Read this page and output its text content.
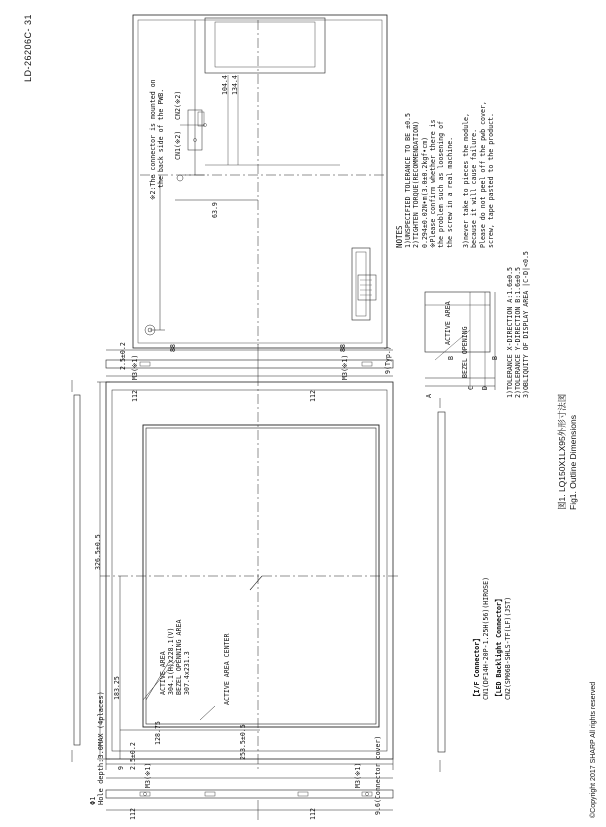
LD-26206C- 31
Φ1 Hole depth:3.0MAX (4places)
326.5±0.5
183.25
128.75	253.5±0.5
2.5±0.2
9
112	112
M3(※1)	M3(※1) 9.6(Connector cover)
ACTIVE AREA 304.1(H)x228.1(V) BEZEL OPENNING AREA 307.4x231.3	ACTIVE AREA CENTER
M3(※1)	M3(※1)
88	88
112	112
2.5±0.2	9(Typ.)
※2:The connector is mounted on the back side of the PWB. CN1(※2)
CN2(※2)
104.4 134.4
63.9
NOTES 1)UNSPECIFIED TOLERANCE TO BE ±0.5 2)TIGHTEN TORQUE(RECOMMENDATION) 0.294±0.02N•m(3.0±0.2kgf•cm) ※Please confirm whether there is the problem such as loosening of the screw in a real machine. 3)never take to pieces the module, because it will cause failure. Please do not peel off the pwb cover, screw, tape pasted to the product.
ACTIVE AREA
BEZEL OPENING
C D
A
B	B 1)TOLERANCE X-DIRECTION A:1.6±0.5 2)TOLERANCE Y-DIRECTION B:1.6±0.5 3)OBLIQUITY OF DISPLAY AREA |C-D|<0.5
【I/F Connector】 CN1(DF14H-20P-1.25H(56)(HIROSE) 【LED Backlight Connector】 CN2(SM06B-SHLS-TF(LF)(JST)
図1. LQ150X1LX95外形寸法図 Fig1. Outline Dimensions
©Copyright 2017 SHARP All rights reserved
